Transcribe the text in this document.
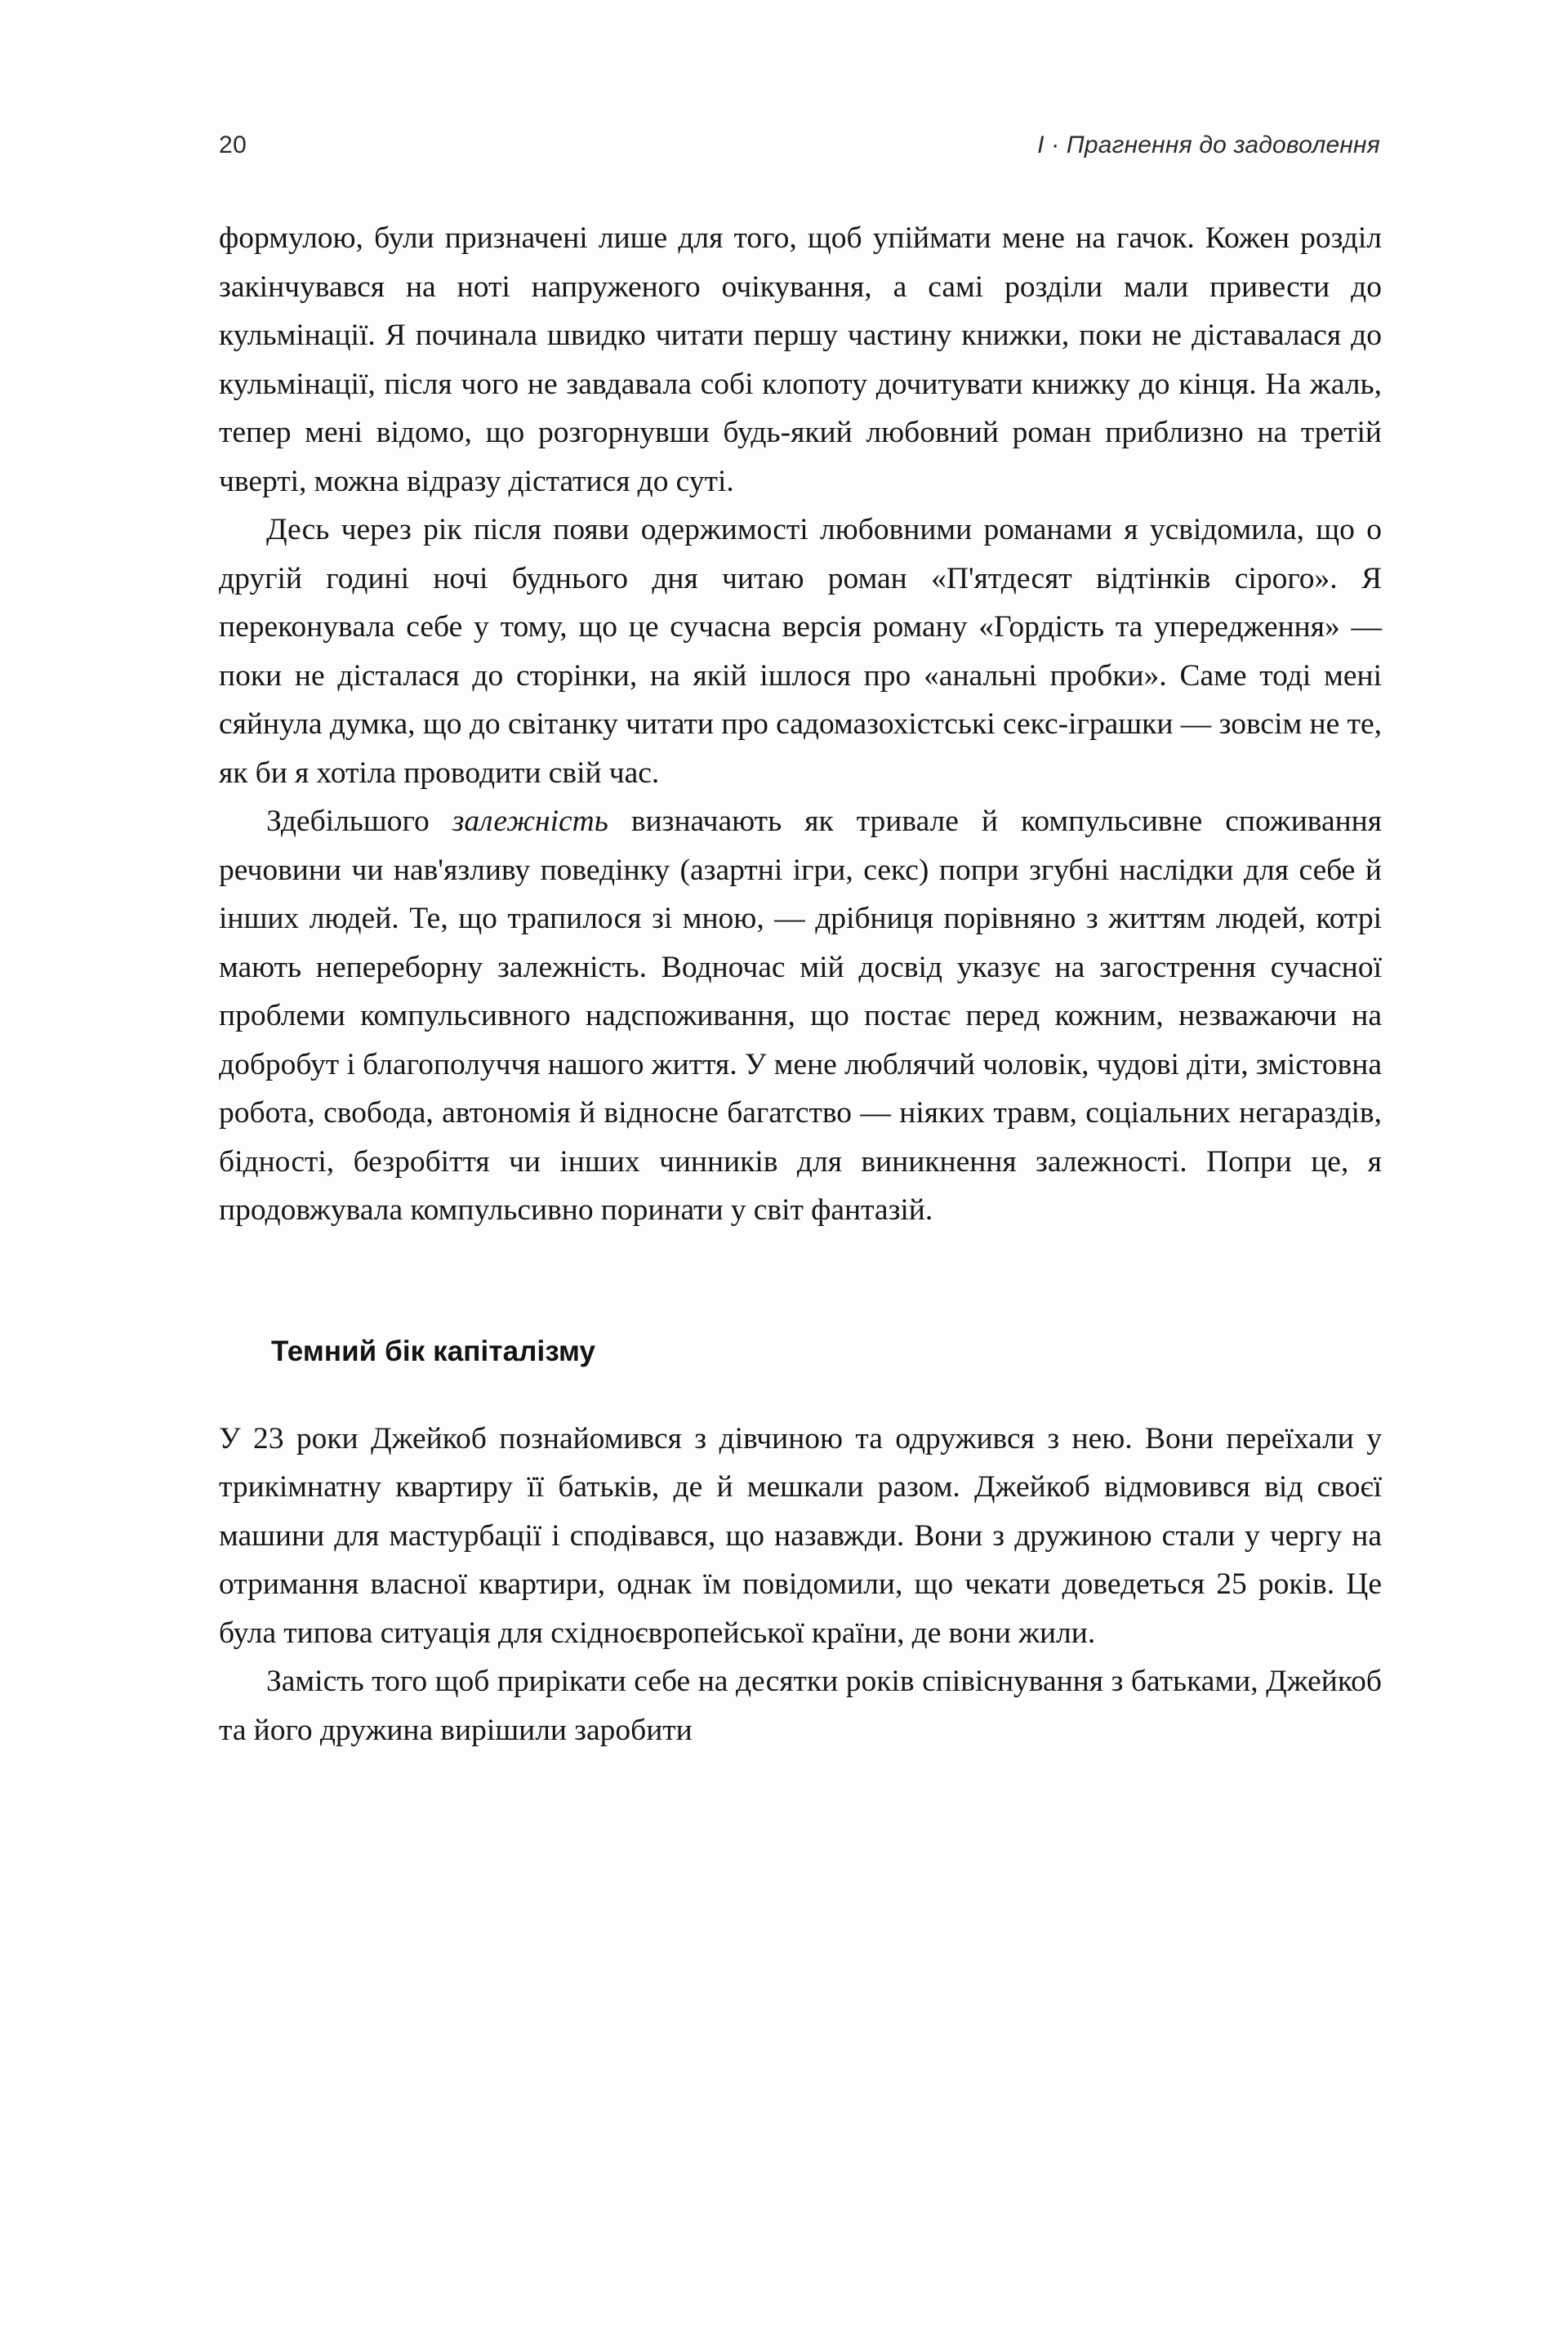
20	I · Прагнення до задоволення

формулою, були призначені лише для того, щоб упіймати мене на гачок. Кожен розділ закінчувався на ноті напруженого очікування, а самі розділи мали привести до кульмінації. Я починала швидко читати першу частину книжки, поки не діставалася до кульмінації, після чого не завдавала собі клопоту дочитувати книжку до кінця. На жаль, тепер мені відомо, що розгорнувши будь-який любовний роман приблизно на третій чверті, можна відразу дістатися до суті.

Десь через рік після появи одержимості любовними романами я усвідомила, що о другій годині ночі буднього дня читаю роман «П'ятдесят відтінків сірого». Я переконувала себе у тому, що це сучасна версія роману «Гордість та упередження» — поки не дісталася до сторінки, на якій ішлося про «анальні пробки». Саме тоді мені сяйнула думка, що до світанку читати про садомазохістські секс-іграшки — зовсім не те, як би я хотіла проводити свій час.

Здебільшого залежність визначають як тривале й компульсивне споживання речовини чи нав'язливу поведінку (азартні ігри, секс) попри згубні наслідки для себе й інших людей. Те, що трапилося зі мною, — дрібниця порівняно з життям людей, котрі мають непереборну залежність. Водночас мій досвід указує на загострення сучасної проблеми компульсивного надспоживання, що постає перед кожним, незважаючи на добробут і благополуччя нашого життя. У мене люблячий чоловік, чудові діти, змістовна робота, свобода, автономія й відносне багатство — ніяких травм, соціальних негараздів, бідності, безробіття чи інших чинників для виникнення залежності. Попри це, я продовжувала компульсивно поринати у світ фантазій.

Темний бік капіталізму

У 23 роки Джейкоб познайомився з дівчиною та одружився з нею. Вони переїхали у трикімнатну квартиру її батьків, де й мешкали разом. Джейкоб відмовився від своєї машини для мастурбації і сподівався, що назавжди. Вони з дружиною стали у чергу на отримання власної квартири, однак їм повідомили, що чекати доведеться 25 років. Це була типова ситуація для східноєвропейської країни, де вони жили.

Замість того щоб прирікати себе на десятки років співіснування з батьками, Джейкоб та його дружина вирішили заробити
